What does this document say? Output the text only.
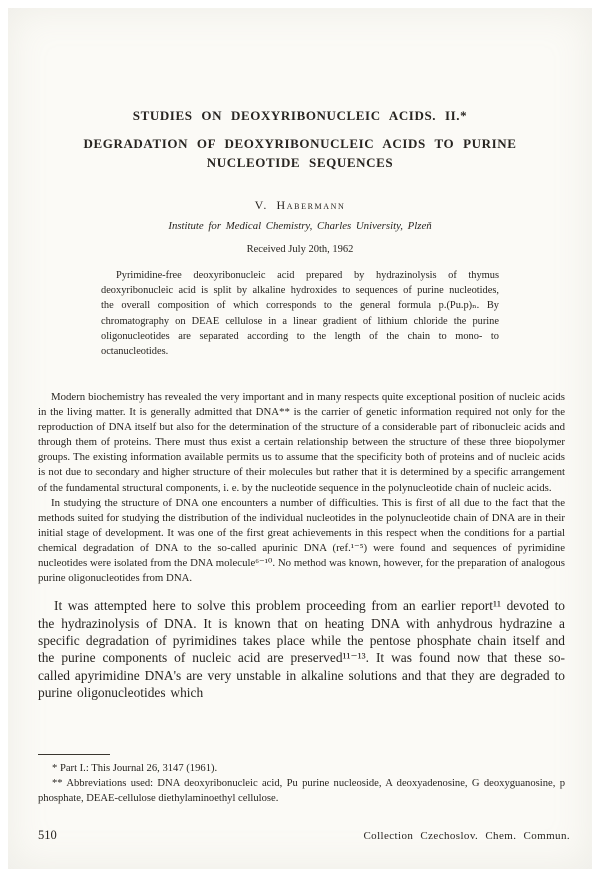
STUDIES ON DEOXYRIBONUCLEIC ACIDS. II.*
DEGRADATION OF DEOXYRIBONUCLEIC ACIDS TO PURINE NUCLEOTIDE SEQUENCES
V. Habermann
Institute for Medical Chemistry, Charles University, Plzeň
Received July 20th, 1962

Pyrimidine-free deoxyribonucleic acid prepared by hydrazinolysis of thymus deoxyribonucleic acid is split by alkaline hydroxides to sequences of purine nucleotides, the overall composition of which corresponds to the general formula p.(Pu.p)ₙ. By chromatography on DEAE cellulose in a linear gradient of lithium chloride the purine oligonucleotides are separated according to the length of the chain to mono- to octanucleotides.

Modern biochemistry has revealed the very important and in many respects quite exceptional position of nucleic acids in the living matter. It is generally admitted that DNA** is the carrier of genetic information required not only for the reproduction of DNA itself but also for the determination of the structure of a considerable part of ribonucleic acids and through them of proteins. There must thus exist a certain relationship between the structure of these three biopolymer groups. The existing information available permits us to assume that the specificity both of proteins and of nucleic acids is not due to secondary and higher structure of their molecules but rather that it is determined by a specific arrangement of the fundamental structural components, i. e. by the nucleotide sequence in the polynucleotide chain of nucleic acids.

In studying the structure of DNA one encounters a number of difficulties. This is first of all due to the fact that the methods suited for studying the distribution of the individual nucleotides in the polynucleotide chain of DNA are in their initial stage of development. It was one of the first great achievements in this respect when the conditions for a partial chemical degradation of DNA to the so-called apurinic DNA (ref.¹⁻⁵) were found and sequences of pyrimidine nucleotides were isolated from the DNA molecule⁶⁻¹⁰. No method was known, however, for the preparation of analogous purine oligonucleotides from DNA.

It was attempted here to solve this problem proceeding from an earlier report¹¹ devoted to the hydrazinolysis of DNA. It is known that on heating DNA with anhydrous hydrazine a specific degradation of pyrimidines takes place while the pentose phosphate chain itself and the purine components of nucleic acid are preserved¹¹⁻¹³. It was found now that these so-called apyrimidine DNA's are very unstable in alkaline solutions and that they are degraded to purine oligonucleotides which

* Part I.: This Journal 26, 3147 (1961).

** Abbreviations used: DNA deoxyribonucleic acid, Pu purine nucleoside, A deoxyadenosine, G deoxyguanosine, p phosphate, DEAE-cellulose diethylaminoethyl cellulose.

510	Collection Czechoslov. Chem. Commun.
